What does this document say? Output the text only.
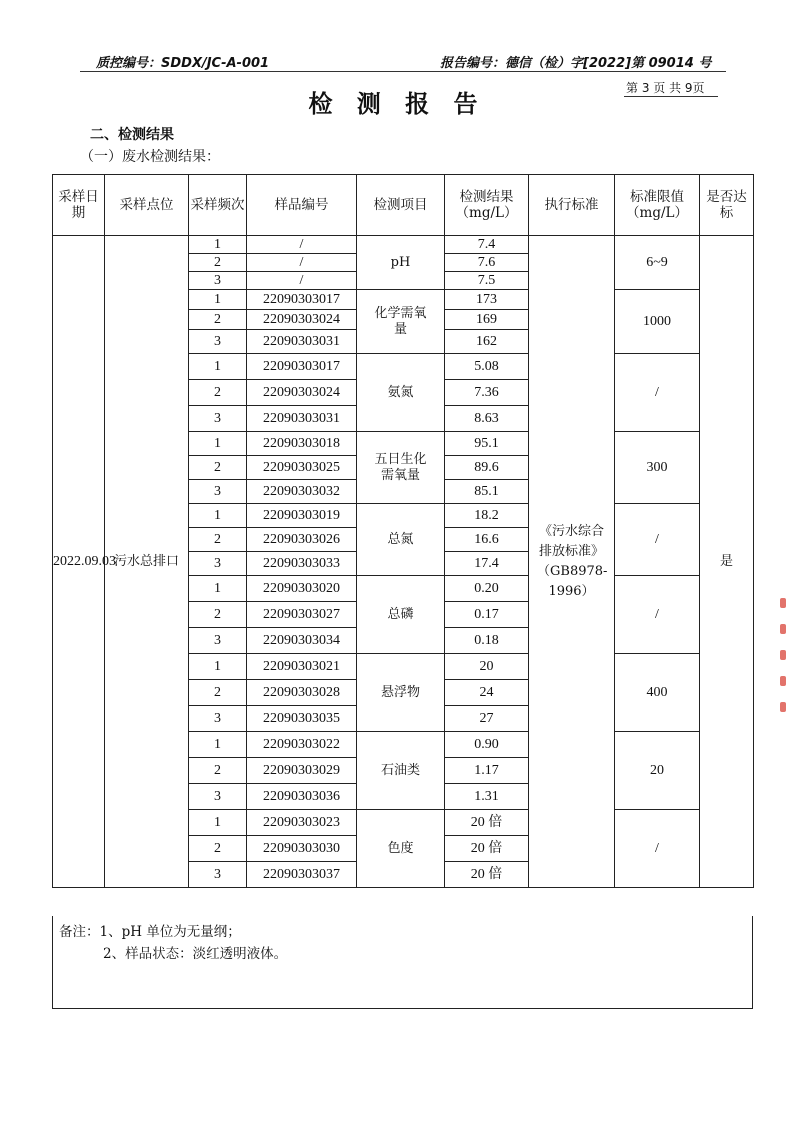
质控编号：SDDX/JC-A-001	报告编号：德信（检）字[2022]第 09014 号
第 3 页 共 9页
检 测 报 告
二、检测结果
（一）废水检测结果：
采样日期	采样点位	采样频次	样品编号	检测项目	检测结果（mg/L）	执行标准	标准限值（mg/L）	是否达标
2022.09.03	污水总排口	1	/	pH	7.4	《污水综合排放标准》（GB8978-1996）	6~9	是
		2	/		7.6			
		3	/		7.5			
		1	22090303017	化学需氧量	173		1000	
		2	22090303024		169			
		3	22090303031		162			
		1	22090303017	氨氮	5.08		/	
		2	22090303024		7.36			
		3	22090303031		8.63			
		1	22090303018	五日生化需氧量	95.1		300	
		2	22090303025		89.6			
		3	22090303032		85.1			
		1	22090303019	总氮	18.2		/	
		2	22090303026		16.6			
		3	22090303033		17.4			
		1	22090303020	总磷	0.20		/	
		2	22090303027		0.17			
		3	22090303034		0.18			
		1	22090303021	悬浮物	20		400	
		2	22090303028		24			
		3	22090303035		27			
		1	22090303022	石油类	0.90		20	
		2	22090303029		1.17			
		3	22090303036		1.31			
		1	22090303023	色度	20 倍		/	
		2	22090303030		20 倍			
		3	22090303037		20 倍			
备注：1、pH 单位为无量纲；
2、样品状态：淡红透明液体。
